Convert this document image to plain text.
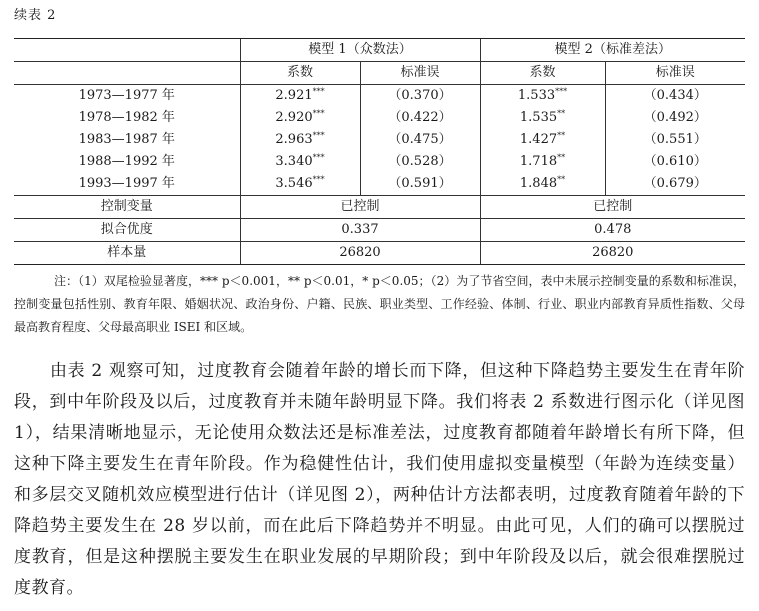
续表 2
	模型 1（众数法）		模型 2（标准差法）	
	系数	标准误	系数	标准误
1973—1977 年	2.921***	（0.370）	1.533***	（0.434）
1978—1982 年	2.920***	（0.422）	1.535**	（0.492）
1983—1987 年	2.963***	（0.475）	1.427**	（0.551）
1988—1992 年	3.340***	（0.528）	1.718**	（0.610）
1993—1997 年	3.546***	（0.591）	1.848**	（0.679）
控制变量	已控制		已控制	
拟合优度	0.337		0.478	
样本量	26820		26820	
注：（1）双尾检验显著度，*** p＜0.001，** p＜0.01，* p＜0.05；（2）为了节省空间，表中未展示控制变量的系数和标准误，控制变量包括性别、教育年限、婚姻状况、政治身份、户籍、民族、职业类型、工作经验、体制、行业、职业内部教育异质性指数、父母最高教育程度、父母最高职业 ISEI 和区域。
由表 2 观察可知，过度教育会随着年龄的增长而下降，但这种下降趋势主要发生在青年阶段，到中年阶段及以后，过度教育并未随年龄明显下降。我们将表 2 系数进行图示化（详见图 1），结果清晰地显示，无论使用众数法还是标准差法，过度教育都随着年龄增长有所下降，但这种下降主要发生在青年阶段。作为稳健性估计，我们使用虚拟变量模型（年龄为连续变量）和多层交叉随机效应模型进行估计（详见图 2），两种估计方法都表明，过度教育随着年龄的下降趋势主要发生在 28 岁以前，而在此后下降趋势并不明显。由此可见，人们的确可以摆脱过度教育，但是这种摆脱主要发生在职业发展的早期阶段；到中年阶段及以后，就会很难摆脱过度教育。
